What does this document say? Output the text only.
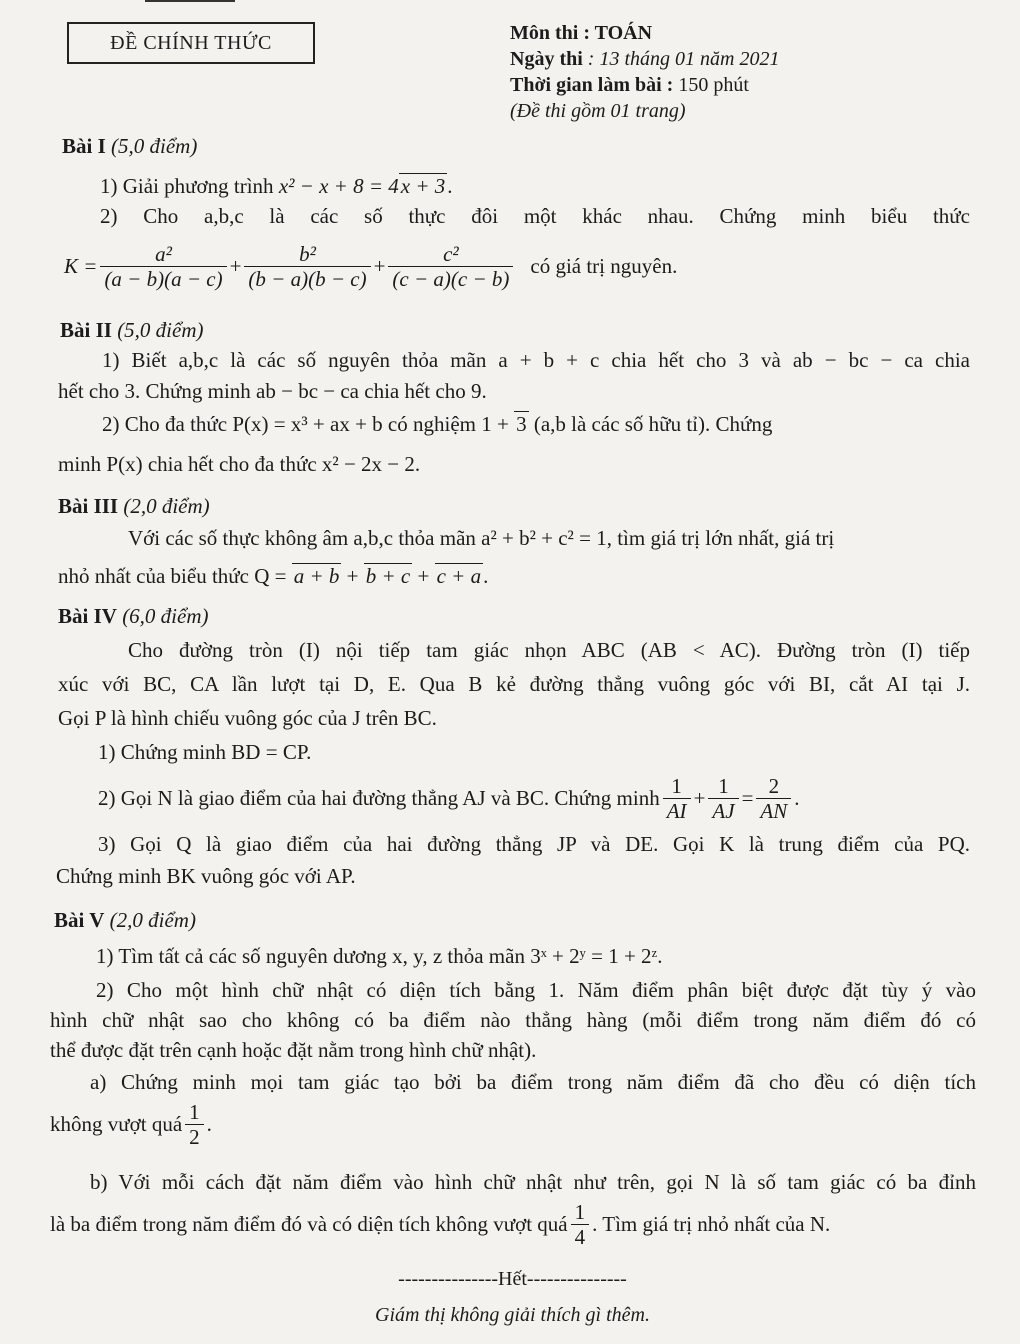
ĐỀ CHÍNH THỨC	Môn thi : TOÁN
Ngày thi : 13 tháng 01 năm 2021
Thời gian làm bài : 150 phút
(Đề thi gồm 01 trang)
Bài I (5,0 điểm)
1) Giải phương trình x² − x + 8 = 4x + 3.
2) Cho a,b,c là các số thực đôi một khác nhau. Chứng minh biểu thức
$K = \frac{\text{a²}}{(a - b)(a - c)} + \frac{\text{b²}}{(b - a)(b - c)} + \frac{\text{c²}}{(c - a)(c - b)}$ có giá trị nguyên.
Bài II (5,0 điểm)
1) Biết a,b,c là các số nguyên thỏa mãn a + b + c chia hết cho 3 và ab − bc − ca chia
hết cho 3. Chứng minh ab − bc − ca chia hết cho 9.
2) Cho đa thức P(x) = x³ + ax + b có nghiệm 1 + 3 (a,b là các số hữu tỉ). Chứng
minh P(x) chia hết cho đa thức x² − 2x − 2.
Bài III (2,0 điểm)
Với các số thực không âm a,b,c thỏa mãn a² + b² + c² = 1, tìm giá trị lớn nhất, giá trị
nhỏ nhất của biểu thức Q = a + b + b + c + c + a.
Bài IV (6,0 điểm)
Cho đường tròn (I) nội tiếp tam giác nhọn ABC (AB < AC). Đường tròn (I) tiếp
xúc với BC, CA lần lượt tại D, E. Qua B kẻ đường thẳng vuông góc với BI, cắt AI tại J.
Gọi P là hình chiếu vuông góc của J trên BC.
1) Chứng minh BD = CP.
2) Gọi N là giao điểm của hai đường thẳng AJ và BC. Chứng minh $\frac{1}{AI} + \frac{1}{AJ} = \frac{2}{AN}$ .
3) Gọi Q là giao điểm của hai đường thẳng JP và DE. Gọi K là trung điểm của PQ.
Chứng minh BK vuông góc với AP.
Bài V (2,0 điểm)
1) Tìm tất cả các số nguyên dương x, y, z thỏa mãn 3ˣ + 2ʸ = 1 + 2ᶻ.
2) Cho một hình chữ nhật có diện tích bằng 1. Năm điểm phân biệt được đặt tùy ý vào
hình chữ nhật sao cho không có ba điểm nào thẳng hàng (mỗi điểm trong năm điểm đó có
thể được đặt trên cạnh hoặc đặt nằm trong hình chữ nhật).
a) Chứng minh mọi tam giác tạo bởi ba điểm trong năm điểm đã cho đều có diện tích
không vượt quá $\frac{1}{2}$ .
b) Với mỗi cách đặt năm điểm vào hình chữ nhật như trên, gọi N là số tam giác có ba đỉnh
là ba điểm trong năm điểm đó và có diện tích không vượt quá $\frac{1}{4}$ . Tìm giá trị nhỏ nhất của N.
---------------Hết---------------
Giám thị không giải thích gì thêm.
